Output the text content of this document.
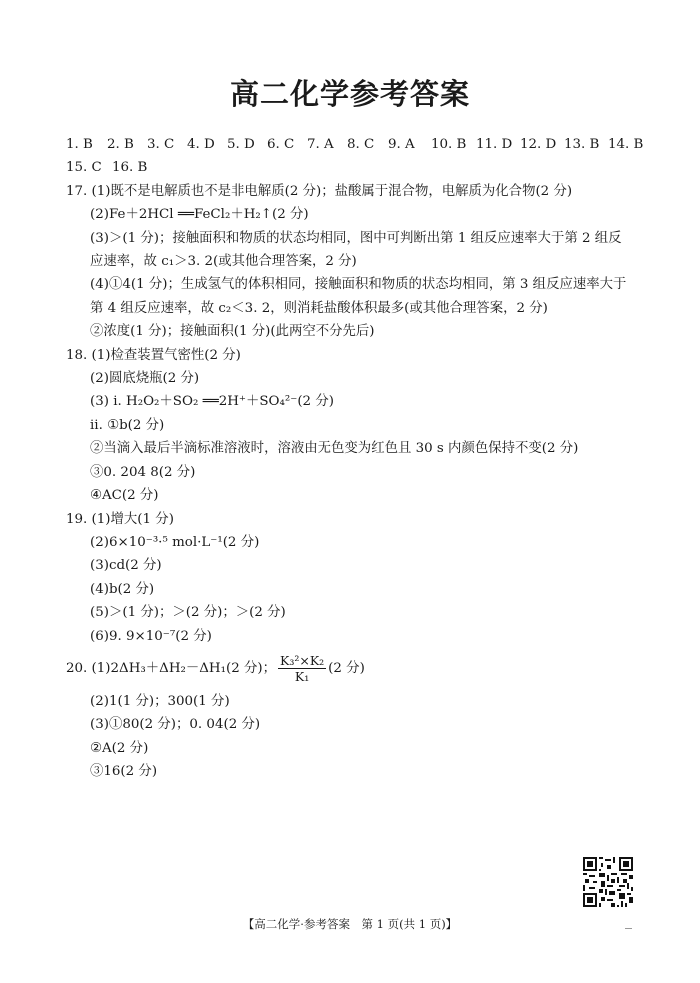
高二化学参考答案
1. B	2. B 3. C 4. D 5. D 6. C 7. A 8. C	9. A	10. B 11. D 12. D 13. B 14. B
15. C 16. B
17. (1)既不是电解质也不是非电解质(2 分)；盐酸属于混合物，电解质为化合物(2 分)
(2)Fe＋2HCl ══FeCl₂＋H₂↑(2 分)
(3)＞(1 分)；接触面积和物质的状态均相同，图中可判断出第 1 组反应速率大于第 2 组反
应速率，故 c₁＞3. 2(或其他合理答案，2 分)
(4)①4(1 分)；生成氢气的体积相同，接触面积和物质的状态均相同，第 3 组反应速率大于
第 4 组反应速率，故 c₂＜3. 2，则消耗盐酸体积最多(或其他合理答案，2 分)
②浓度(1 分)；接触面积(1 分)(此两空不分先后)
18. (1)检查装置气密性(2 分)
(2)圆底烧瓶(2 分)
(3) ⅰ. H₂O₂＋SO₂ ══2H⁺＋SO₄²⁻(2 分)
ⅱ. ①b(2 分)
②当滴入最后半滴标准溶液时，溶液由无色变为红色且 30 s 内颜色保持不变(2 分)
③0. 204 8(2 分)
④AC(2 分)
19. (1)增大(1 分)
(2)6×10⁻³·⁵ mol·L⁻¹(2 分)
(3)cd(2 分)
(4)b(2 分)
(5)＞(1 分)；＞(2 分)；＞(2 分)
(6)9. 9×10⁻⁷(2 分)
20. (1)2ΔH₃＋ΔH₂－ΔH₁(2 分)； $\frac{\text{K₃²×K₂}}{\text{K₁}} (2$ 分)
(2)1(1 分)；300(1 分)
(3)①80(2 分)；0. 04(2 分)
②A(2 分)
③16(2 分)
【高二化学·参考答案　第 1 页(共 1 页)】
